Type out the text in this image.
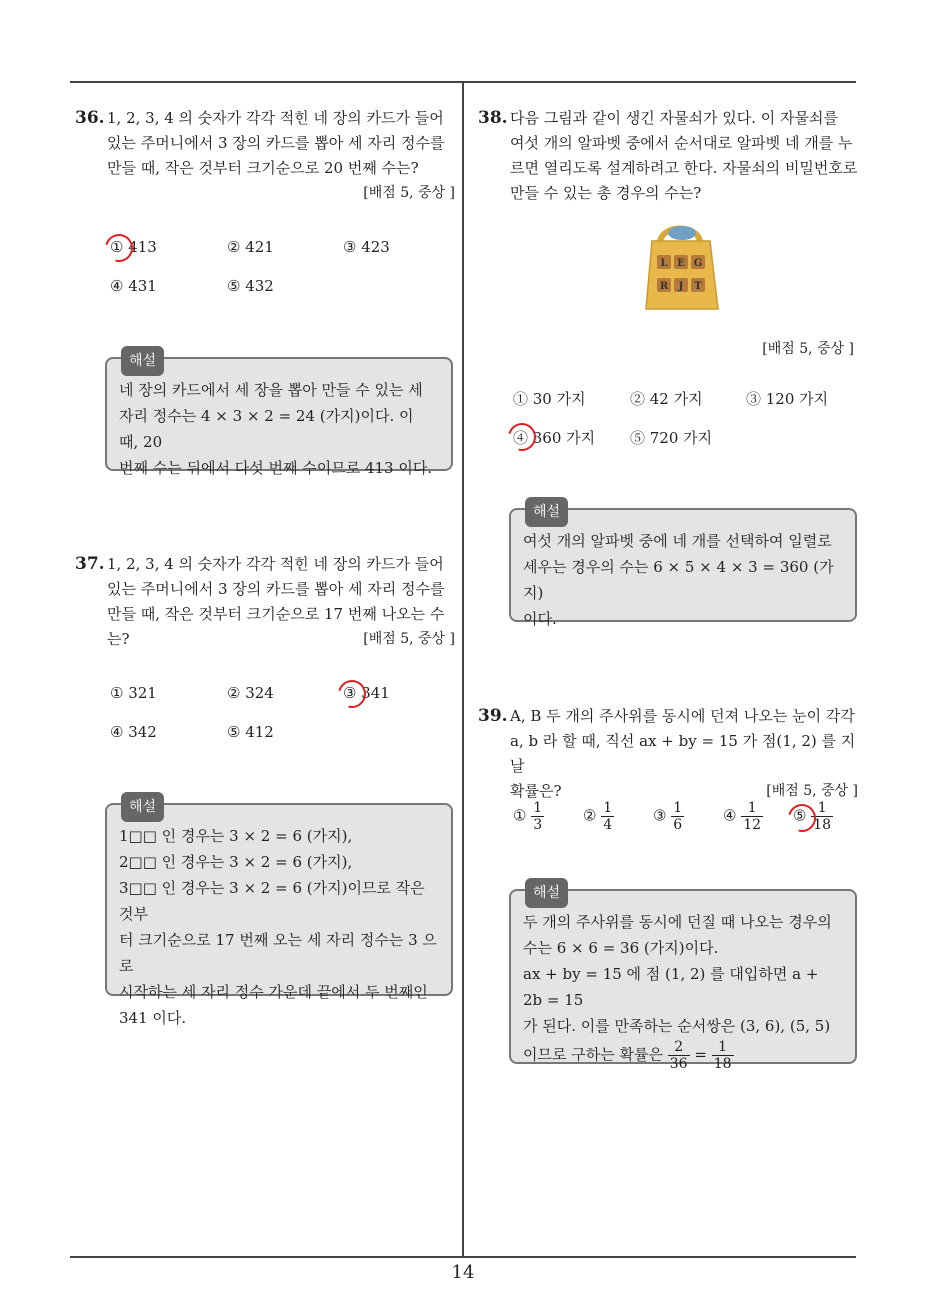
36. 1, 2, 3, 4 의 숫자가 각각 적힌 네 장의 카드가 들어
있는 주머니에서 3 장의 카드를 뽑아 세 자리 정수를
만들 때, 작은 것부터 크기순으로 20 번째 수는?
[배점 5, 중상 ]
① 413	② 421	③ 423
④ 431	⑤ 432
해설
네 장의 카드에서 세 장을 뽑아 만들 수 있는 세
자리 정수는 4 × 3 × 2 = 24 (가지)이다. 이 때, 20
번째 수는 뒤에서 다섯 번째 수이므로 413 이다.
37. 1, 2, 3, 4 의 숫자가 각각 적힌 네 장의 카드가 들어
있는 주머니에서 3 장의 카드를 뽑아 세 자리 정수를
만들 때, 작은 것부터 크기순으로 17 번째 나오는 수
는?	[배점 5, 중상 ]
① 321	② 324	③ 341
④ 342	⑤ 412
해설
1□□ 인 경우는 3 × 2 = 6 (가지),
2□□ 인 경우는 3 × 2 = 6 (가지),
3□□ 인 경우는 3 × 2 = 6 (가지)이므로 작은 것부
터 크기순으로 17 번째 오는 세 자리 정수는 3 으로
시작하는 세 자리 정수 가운데 끝에서 두 번째인
341 이다.
38. 다음 그림과 같이 생긴 자물쇠가 있다. 이 자물쇠를
여섯 개의 알파벳 중에서 순서대로 알파벳 네 개를 누
르면 열리도록 설계하려고 한다. 자물쇠의 비밀번호로
만들 수 있는 총 경우의 수는?
L E G
R J T
[배점 5, 중상 ]
① 30 가지	② 42 가지	③ 120 가지
④ 360 가지 ⑤ 720 가지
해설
여섯 개의 알파벳 중에 네 개를 선택하여 일렬로
세우는 경우의 수는 6 × 5 × 4 × 3 = 360 (가지)
이다.
39. A, B 두 개의 주사위를 동시에 던져 나오는 눈이 각각
a, b 라 할 때, 직선 ax + by = 15 가 점(1, 2) 를 지날
확률은?	[배점 5, 중상 ]
① $\frac{1}{3}$	② $\frac{1}{4}$	③ $\frac{1}{6}$	④ $\frac{1}{12}$ ⑤ $\frac{1}{18}$
해설
두 개의 주사위를 동시에 던질 때 나오는 경우의
수는 6 × 6 = 36 (가지)이다.
ax + by = 15 에 점 (1, 2) 를 대입하면 a + 2b = 15
가 된다. 이를 만족하는 순서쌍은 (3, 6), (5, 5)
이므로 구하는 확률은 $\frac{2}{36} = \frac{1}{18}$
14
